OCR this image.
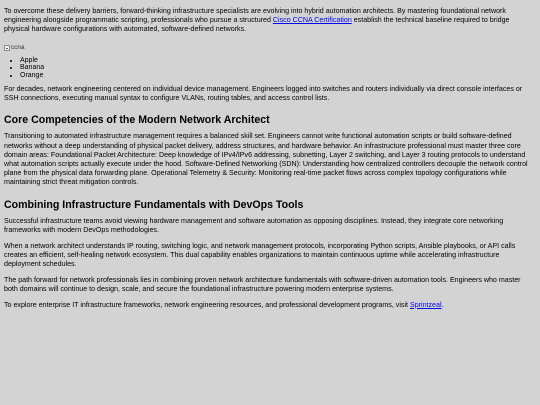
To overcome these delivery barriers, forward-thinking infrastructure specialists are evolving into hybrid automation architects. By mastering foundational network engineering alongside programmatic scripting, professionals who pursue a structured Cisco CCNA Certification establish the technical baseline required to bridge physical hardware configurations with automated, software-defined networks.

ccna
• Apple
• Banana
• Orange

For decades, network engineering centered on individual device management. Engineers logged into switches and routers individually via direct console interfaces or SSH connections, executing manual syntax to configure VLANs, routing tables, and access control lists.

Core Competencies of the Modern Network Architect

Transitioning to automated infrastructure management requires a balanced skill set. Engineers cannot write functional automation scripts or build software-defined networks without a deep understanding of physical packet delivery, address structures, and hardware behavior. An infrastructure professional must master three core domain areas: Foundational Packet Architecture: Deep knowledge of IPv4/IPv6 addressing, subnetting, Layer 2 switching, and Layer 3 routing protocols to understand what automation scripts actually execute under the hood. Software-Defined Networking (SDN): Understanding how centralized controllers decouple the network control plane from the physical data forwarding plane. Operational Telemetry & Security: Monitoring real-time packet flows across complex topology configurations while maintaining strict threat mitigation controls.

Combining Infrastructure Fundamentals with DevOps Tools

Successful infrastructure teams avoid viewing hardware management and software automation as opposing disciplines. Instead, they integrate core networking frameworks with modern DevOps methodologies.

When a network architect understands IP routing, switching logic, and network management protocols, incorporating Python scripts, Ansible playbooks, or API calls creates an efficient, self-healing network ecosystem. This dual capability enables organizations to maintain continuous uptime while accelerating infrastructure deployment schedules.

The path forward for network professionals lies in combining proven network architecture fundamentals with software-driven automation tools. Engineers who master both domains will continue to design, scale, and secure the foundational infrastructure powering modern enterprise systems.

To explore enterprise IT infrastructure frameworks, network engineering resources, and professional development programs, visit Sprintzeal.
